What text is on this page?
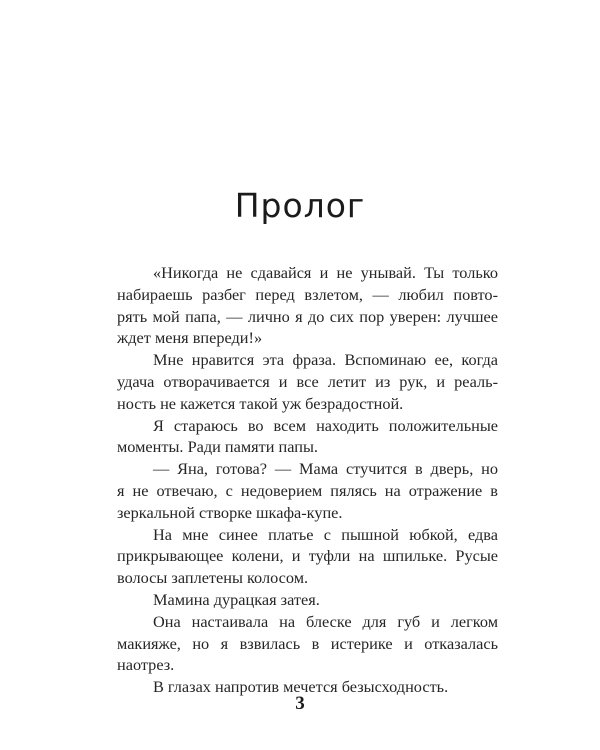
Пролог

«Никогда не сдавайся и не унывай. Ты только
набираешь разбег перед взлетом, — любил повто-
рять мой папа, — лично я до сих пор уверен: лучшее
ждет меня впереди!»

Мне нравится эта фраза. Вспоминаю ее, когда
удача отворачивается и все летит из рук, и реаль-
ность не кажется такой уж безрадостной.

Я стараюсь во всем находить положительные
моменты. Ради памяти папы.

— Яна, готова? — Мама стучится в дверь, но
я не отвечаю, с недоверием пялясь на отражение в
зеркальной створке шкафа-купе.

На мне синее платье с пышной юбкой, едва
прикрывающее колени, и туфли на шпильке. Русые
волосы заплетены колосом.

Мамина дурацкая затея.

Она настаивала на блеске для губ и легком
макияже, но я взвилась в истерике и отказалась
наотрез.

В глазах напротив мечется безысходность.

3
